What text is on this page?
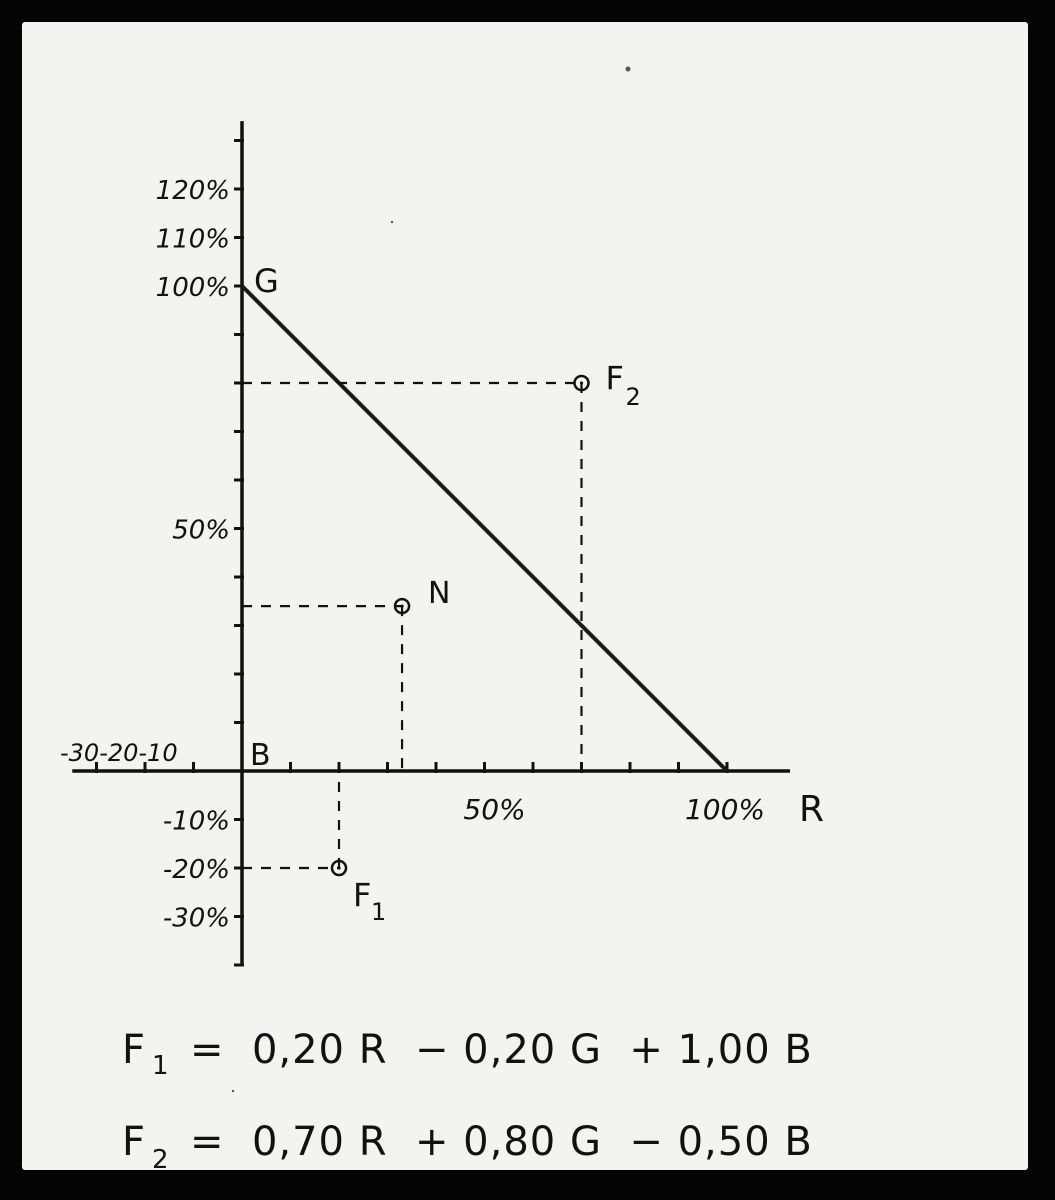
120%
110%
100%
50%
-10%
-20%
-30%
50%	100%
-30-20-10
R
G
B
N
F 1
F 2
F 1 =  0,20 R  − 0,20 G  + 1,00 B
F 2 =  0,70 R  + 0,80 G  − 0,50 B
